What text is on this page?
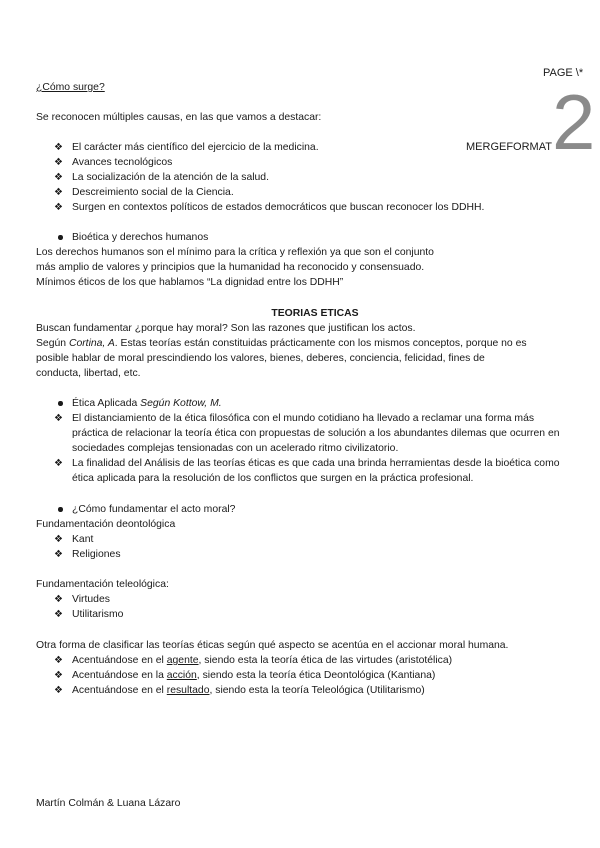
PAGE \*
MERGEFORMAT 2
¿Cómo surge?
Se reconocen múltiples causas, en las que vamos a destacar:
❖ El carácter más científico del ejercicio de la medicina.
❖ Avances tecnológicos
❖ La socialización de la atención de la salud.
❖ Descreimiento social de la Ciencia.
❖ Surgen en contextos políticos de estados democráticos que buscan reconocer los DDHH.
Bioética y derechos humanos
Los derechos humanos son el mínimo para la crítica y reflexión ya que son el conjunto
más amplio de valores y principios que la humanidad ha reconocido y consensuado.
Mínimos éticos de los que hablamos “La dignidad entre los DDHH”
TEORIAS ETICAS
Buscan fundamentar ¿porque hay moral? Son las razones que justifican los actos.
Según Cortina, A. Estas teorías están constituidas prácticamente con los mismos conceptos, porque no es
posible hablar de moral prescindiendo los valores, bienes, deberes, conciencia, felicidad, fines de
conducta, libertad, etc.
Ética Aplicada Según Kottow, M.
❖ El distanciamiento de la ética filosófica con el mundo cotidiano ha llevado a reclamar una forma más práctica de relacionar la teoría ética con propuestas de solución a los abundantes dilemas que ocurren en sociedades complejas tensionadas con un acelerado ritmo civilizatorio.
❖ La finalidad del Análisis de las teorías éticas es que cada una brinda herramientas desde la bioética como ética aplicada para la resolución de los conflictos que surgen en la práctica profesional.
¿Cómo fundamentar el acto moral?
Fundamentación deontológica
❖ Kant
❖ Religiones
Fundamentación teleológica:
❖ Virtudes
❖ Utilitarismo
Otra forma de clasificar las teorías éticas según qué aspecto se acentúa en el accionar moral humana.
❖ Acentuándose en el agente, siendo esta la teoría ética de las virtudes (aristotélica)
❖ Acentuándose en la acción, siendo esta la teoría ética Deontológica (Kantiana)
❖ Acentuándose en el resultado, siendo esta la teoría Teleológica (Utilitarismo)
Martín Colmán & Luana Lázaro
